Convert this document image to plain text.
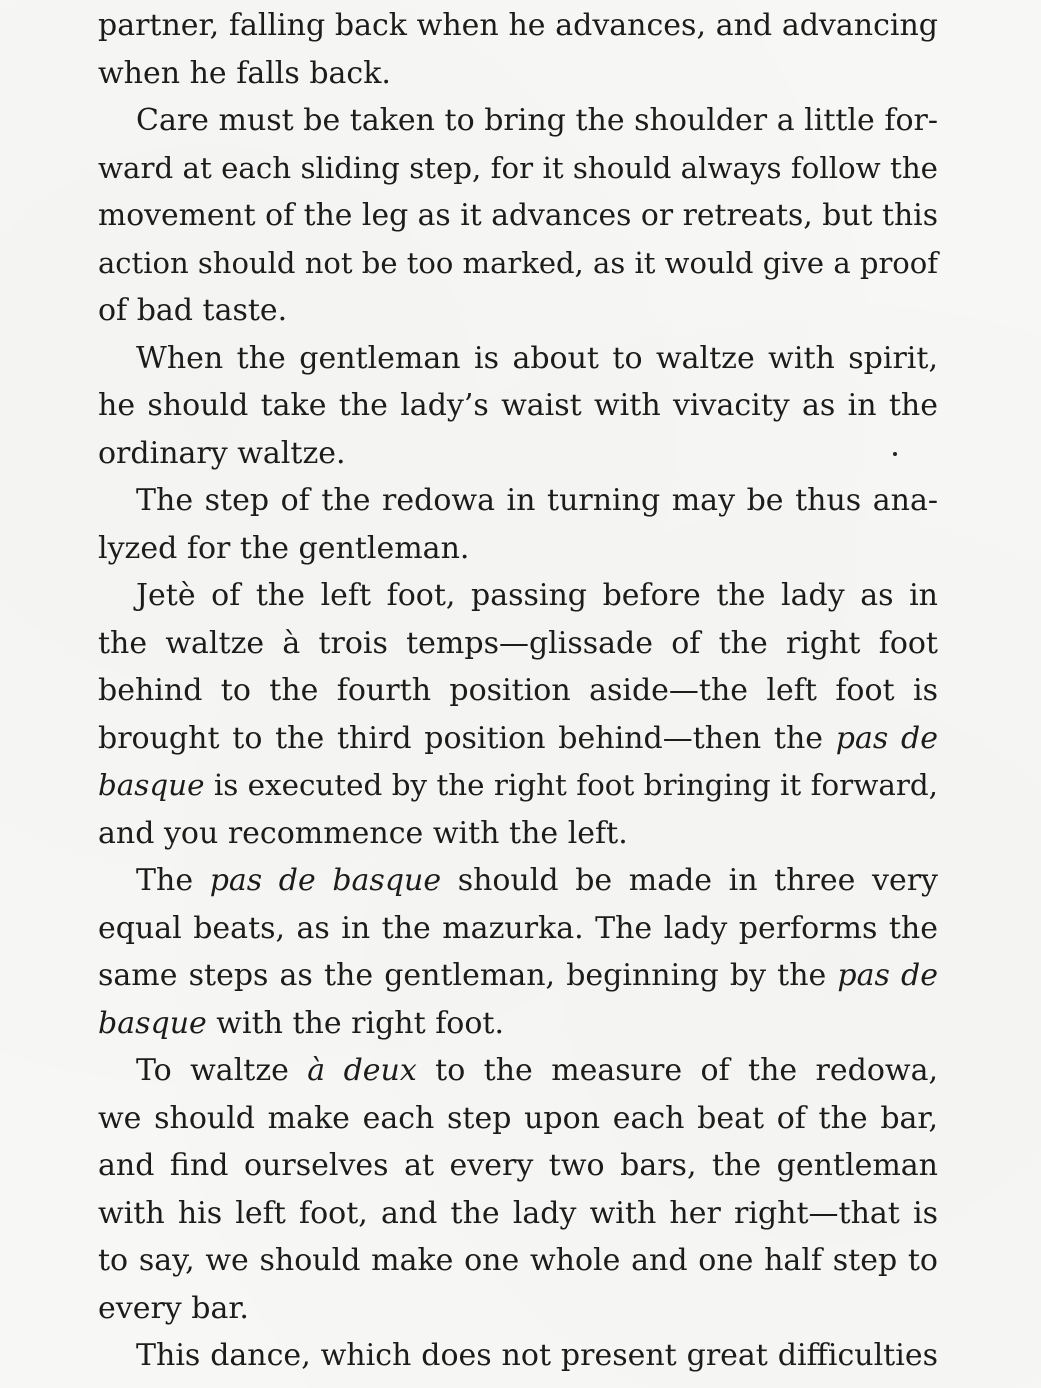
partner, falling back when he advances, and advancing
when he falls back.
Care must be taken to bring the shoulder a little for-
ward at each sliding step, for it should always follow the
movement of the leg as it advances or retreats, but this
action should not be too marked, as it would give a proof
of bad taste.
When the gentleman is about to waltze with spirit,
he should take the lady’s waist with vivacity as in the
ordinary waltze.
The step of the redowa in turning may be thus ana-
lyzed for the gentleman.
Jetè of the left foot, passing before the lady as in
the waltze à trois temps—glissade of the right foot
behind to the fourth position aside—the left foot is
brought to the third position behind—then the pas de
basque is executed by the right foot bringing it forward,
and you recommence with the left.
The pas de basque should be made in three very
equal beats, as in the mazurka. The lady performs the
same steps as the gentleman, beginning by the pas de
basque with the right foot.
To waltze à deux to the measure of the redowa,
we should make each step upon each beat of the bar,
and find ourselves at every two bars, the gentleman
with his left foot, and the lady with her right—that is
to say, we should make one whole and one half step to
every bar.
This dance, which does not present great difficulties
